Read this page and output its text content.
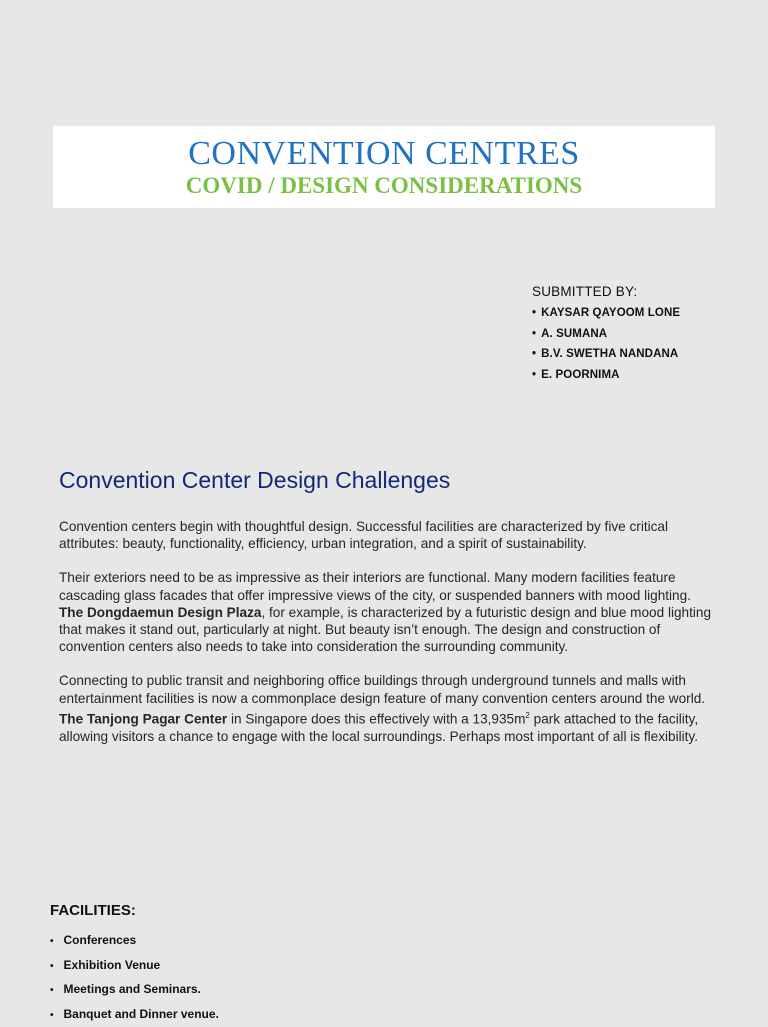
CONVENTION CENTRES
COVID / DESIGN CONSIDERATIONS
SUBMITTED BY:
• KAYSAR QAYOOM LONE
• A. SUMANA
• B.V. SWETHA NANDANA
• E. POORNIMA
Convention Center Design Challenges

Convention centers begin with thoughtful design. Successful facilities are characterized by five critical attributes: beauty, functionality, efficiency, urban integration, and a spirit of sustainability.

Their exteriors need to be as impressive as their interiors are functional. Many modern facilities feature cascading glass facades that offer impressive views of the city, or suspended banners with mood lighting. The Dongdaemun Design Plaza, for example, is characterized by a futuristic design and blue mood lighting that makes it stand out, particularly at night. But beauty isn’t enough. The design and construction of convention centers also needs to take into consideration the surrounding community.

Connecting to public transit and neighboring office buildings through underground tunnels and malls with entertainment facilities is now a commonplace design feature of many convention centers around the world. The Tanjong Pagar Center in Singapore does this effectively with a $13,935m^2$ park attached to the facility, allowing visitors a chance to engage with the local surroundings. Perhaps most important of all is flexibility.

FACILITIES:
• Conferences
• Exhibition Venue
• Meetings and Seminars.
• Banquet and Dinner venue.
